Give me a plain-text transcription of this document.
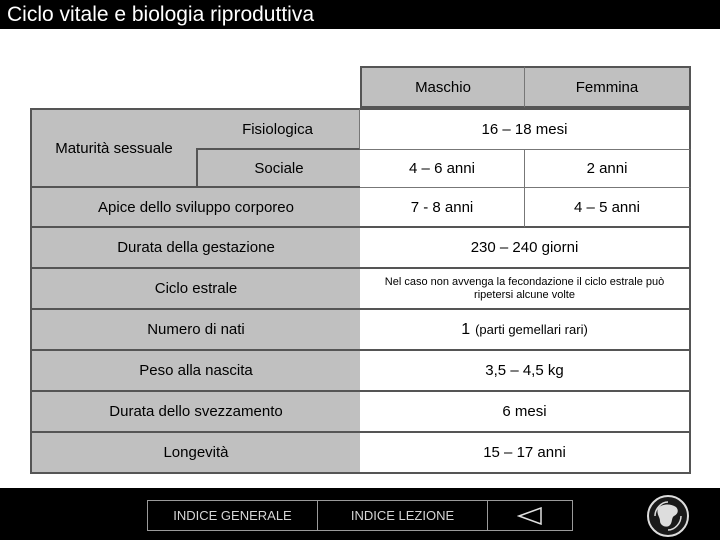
Ciclo vitale e biologia riproduttiva
Maschio	Femmina
Maturità sessuale
Fisiologica	16 – 18 mesi
Sociale	4 – 6 anni	2 anni
Apice dello sviluppo corporeo	7 - 8 anni	4 – 5 anni
Durata della gestazione	230 – 240 giorni
Ciclo estrale	Nel caso non avvenga la fecondazione il ciclo estrale può ripetersi alcune volte
Numero di nati	1 (parti gemellari rari)
Peso alla nascita	3,5 – 4,5 kg
Durata dello svezzamento	6 mesi
Longevità	15 – 17 anni
INDICE GENERALE	INDICE LEZIONE
